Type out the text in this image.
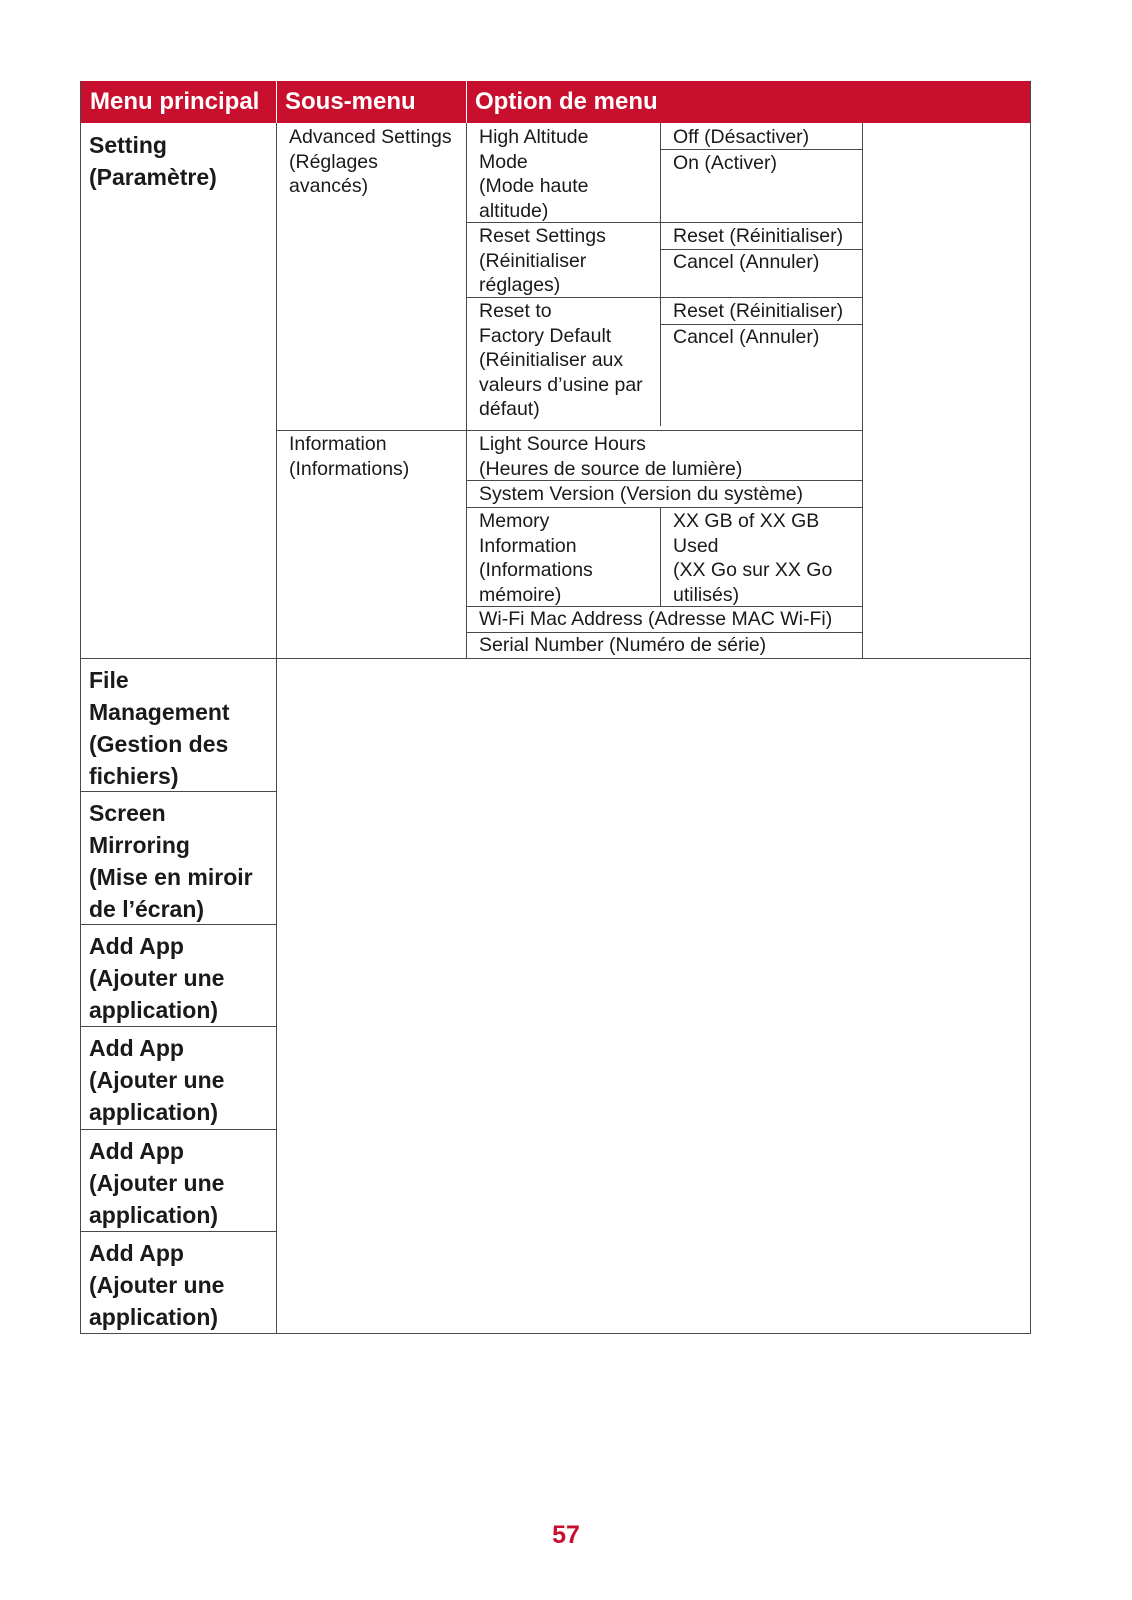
Menu principal	Sous-menu	Option de menu
Setting
(Paramètre)
Advanced Settings
(Réglages
avancés)
High Altitude
Mode
(Mode haute
altitude)
Off (Désactiver)
On (Activer)
Reset Settings
(Réinitialiser
réglages)
Reset (Réinitialiser)
Cancel (Annuler)
Reset to
Factory Default
(Réinitialiser aux
valeurs d’usine par
défaut)
Reset (Réinitialiser)
Cancel (Annuler)
Information
(Informations)
Light Source Hours
(Heures de source de lumière)
System Version (Version du système)
Memory
Information
(Informations
mémoire)
XX GB of XX GB
Used
(XX Go sur XX Go
utilisés)
Wi-Fi Mac Address (Adresse MAC Wi-Fi)
Serial Number (Numéro de série)
File
Management
(Gestion des
fichiers)
Screen
Mirroring
(Mise en miroir
de l’écran)
Add App
(Ajouter une
application)
Add App
(Ajouter une
application)
Add App
(Ajouter une
application)
Add App
(Ajouter une
application)
57
